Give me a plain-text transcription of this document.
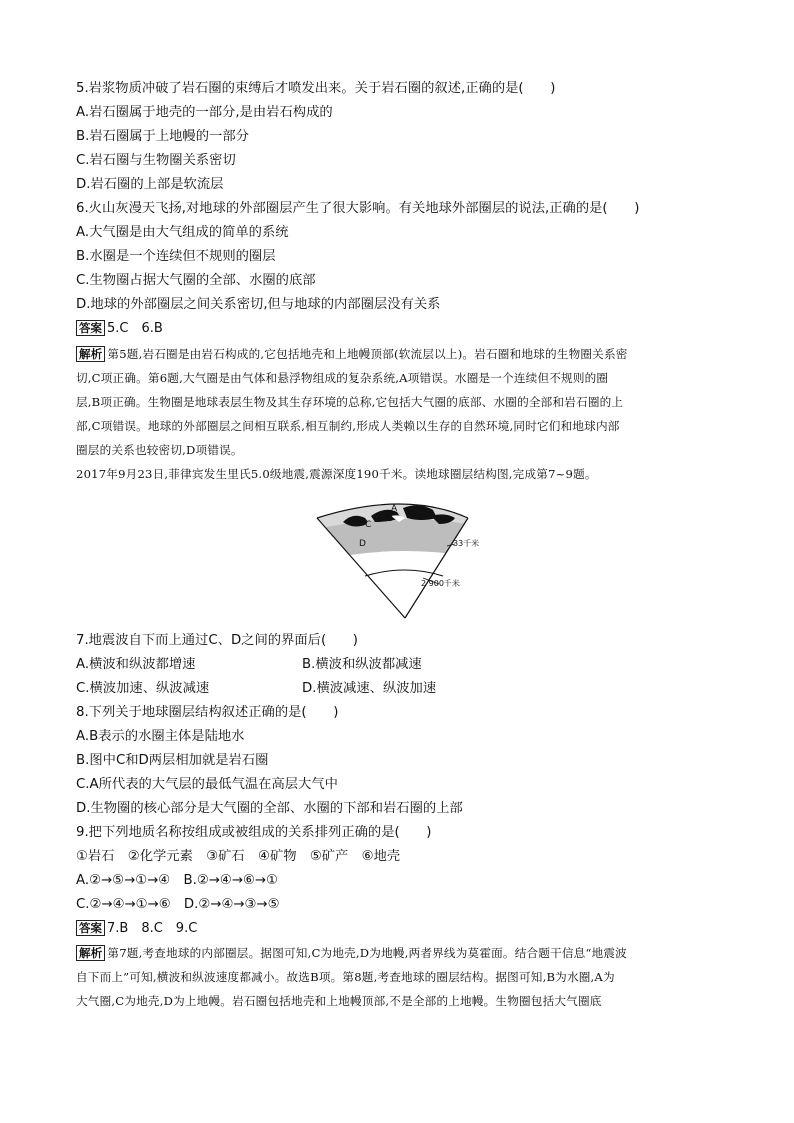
5.岩浆物质冲破了岩石圈的束缚后才喷发出来。关于岩石圈的叙述,正确的是(　　)
A.岩石圈属于地壳的一部分,是由岩石构成的
B.岩石圈属于上地幔的一部分
C.岩石圈与生物圈关系密切
D.岩石圈的上部是软流层
6.火山灰漫天飞扬,对地球的外部圈层产生了很大影响。有关地球外部圈层的说法,正确的是(　　)
A.大气圈是由大气组成的简单的系统
B.水圈是一个连续但不规则的圈层
C.生物圈占据大气圈的全部、水圈的底部
D.地球的外部圈层之间关系密切,但与地球的内部圈层没有关系
答案 5.C　6.B
解析 第5题,岩石圈是由岩石构成的,它包括地壳和上地幔顶部(软流层以上)。岩石圈和地球的生物圈关系密
切,C项正确。第6题,大气圈是由气体和悬浮物组成的复杂系统,A项错误。水圈是一个连续但不规则的圈
层,B项正确。生物圈是地球表层生物及其生存环境的总称,它包括大气圈的底部、水圈的全部和岩石圈的上
部,C项错误。地球的外部圈层之间相互联系,相互制约,形成人类赖以生存的自然环境,同时它们和地球内部
圈层的关系也较密切,D项错误。
2017年9月23日,菲律宾发生里氏5.0级地震,震源深度190千米。读地球圈层结构图,完成第7~9题。
A
B
C
D	33千米
2 900千米
7.地震波自下而上通过C、D之间的界面后(　　)
A.横波和纵波都增速	B.横波和纵波都减速
C.横波加速、纵波减速	D.横波减速、纵波加速
8.下列关于地球圈层结构叙述正确的是(　　)
A.B表示的水圈主体是陆地水
B.图中C和D两层相加就是岩石圈
C.A所代表的大气层的最低气温在高层大气中
D.生物圈的核心部分是大气圈的全部、水圈的下部和岩石圈的上部
9.把下列地质名称按组成或被组成的关系排列正确的是(　　)
①岩石　②化学元素　③矿石　④矿物　⑤矿产　⑥地壳
A.②→⑤→①→④　B.②→④→⑥→①
C.②→④→①→⑥　D.②→④→③→⑤
答案 7.B　8.C　9.C
解析 第7题,考查地球的内部圈层。据图可知,C为地壳,D为地幔,两者界线为莫霍面。结合题干信息“地震波
自下而上”可知,横波和纵波速度都减小。故选B项。第8题,考查地球的圈层结构。据图可知,B为水圈,A为
大气圈,C为地壳,D为上地幔。岩石圈包括地壳和上地幔顶部,不是全部的上地幔。生物圈包括大气圈底
